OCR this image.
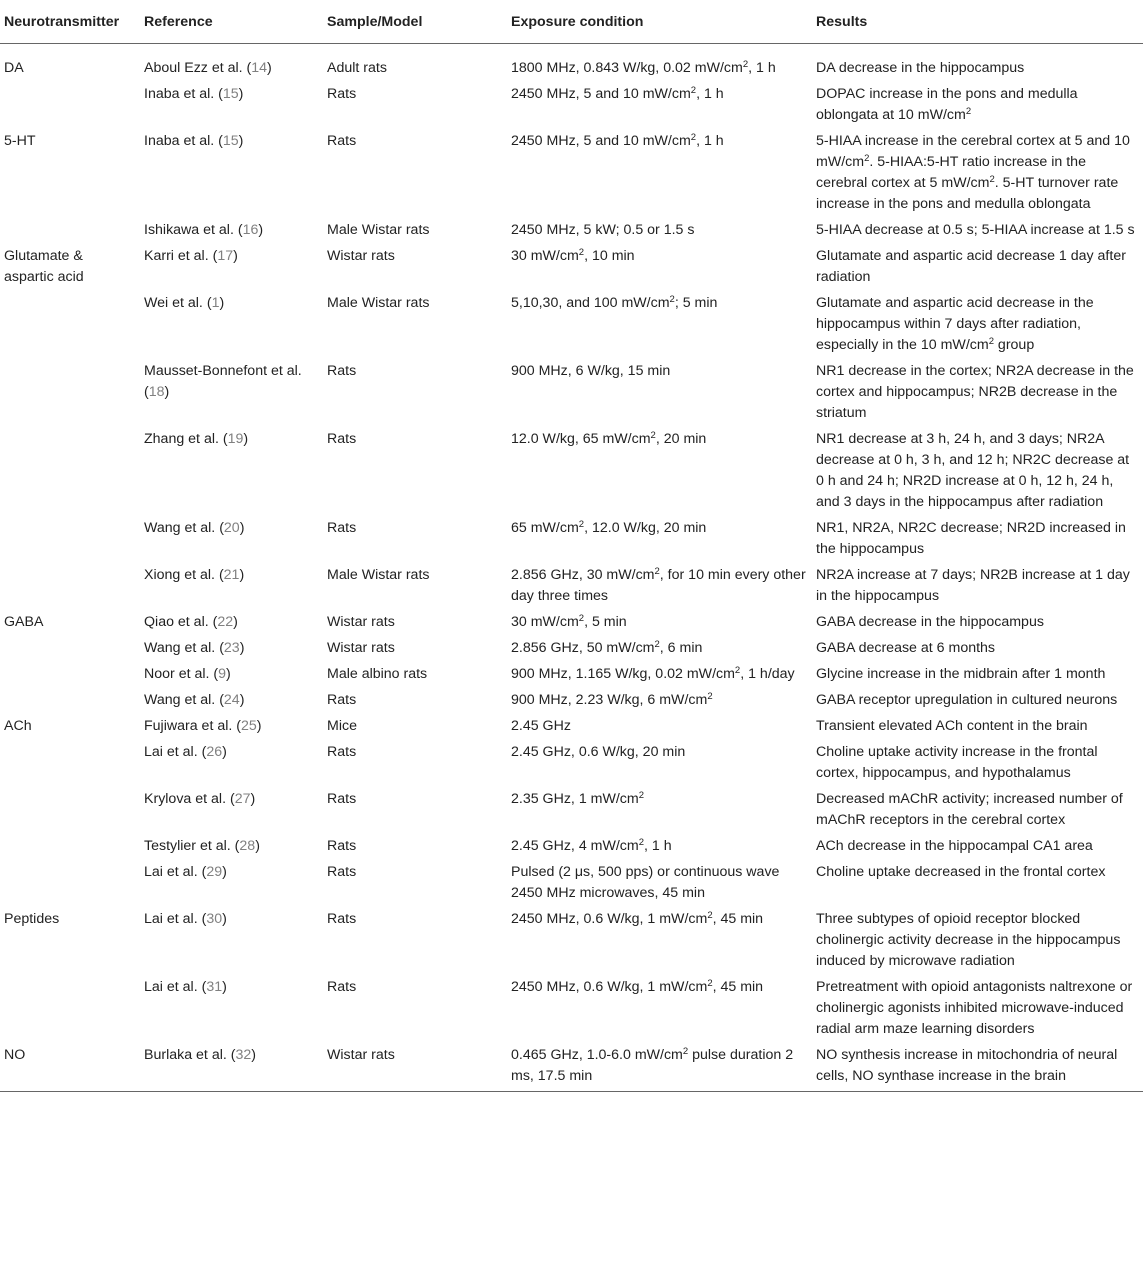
Neurotransmitter	Reference	Sample/Model	Exposure condition	Results
DA	Aboul Ezz et al. (14)	Adult rats	1800 MHz, 0.843 W/kg, 0.02 $mW/cm^2$, 1 h	DA decrease in the hippocampus
	Inaba et al. (15)	Rats	2450 MHz, 5 and 10 $mW/cm^2$, 1 h	DOPAC increase in the pons and medulla oblongata at 10 $mW/cm^2$
5-HT	Inaba et al. (15)	Rats	2450 MHz, 5 and 10 $mW/cm^2$, 1 h	5-HIAA increase in the cerebral cortex at 5 and 10 $mW/cm^2$. 5-HIAA:5-HT ratio increase in the cerebral cortex at 5 $mW/cm^2$. 5-HT turnover rate increase in the pons and medulla oblongata
	Ishikawa et al. (16)	Male Wistar rats	2450 MHz, 5 kW; 0.5 or 1.5 s	5-HIAA decrease at 0.5 s; 5-HIAA increase at 1.5 s
Glutamate & aspartic acid	Karri et al. (17)	Wistar rats	30 $mW/cm^2$, 10 min	Glutamate and aspartic acid decrease 1 day after radiation
	Wei et al. (1)	Male Wistar rats	5,10,30, and 100 $mW/cm^2$; 5 min	Glutamate and aspartic acid decrease in the hippocampus within 7 days after radiation, especially in the 10 $mW/cm^2$ group
	Mausset-Bonnefont et al. (18)	Rats	900 MHz, 6 W/kg, 15 min	NR1 decrease in the cortex; NR2A decrease in the cortex and hippocampus; NR2B decrease in the striatum
	Zhang et al. (19)	Rats	12.0 W/kg, 65 $mW/cm^2$, 20 min	NR1 decrease at 3 h, 24 h, and 3 days; NR2A decrease at 0 h, 3 h, and 12 h; NR2C decrease at 0 h and 24 h; NR2D increase at 0 h, 12 h, 24 h, and 3 days in the hippocampus after radiation
	Wang et al. (20)	Rats	65 $mW/cm^2$, 12.0 W/kg, 20 min	NR1, NR2A, NR2C decrease; NR2D increased in the hippocampus
	Xiong et al. (21)	Male Wistar rats	2.856 GHz, 30 $mW/cm^2$, for 10 min every other day three times	NR2A increase at 7 days; NR2B increase at 1 day in the hippocampus
GABA	Qiao et al. (22)	Wistar rats	30 $mW/cm^2$, 5 min	GABA decrease in the hippocampus
	Wang et al. (23)	Wistar rats	2.856 GHz, 50 $mW/cm^2$, 6 min	GABA decrease at 6 months
	Noor et al. (9)	Male albino rats	900 MHz, 1.165 W/kg, 0.02 $mW/cm^2$, 1 h/day	Glycine increase in the midbrain after 1 month
	Wang et al. (24)	Rats	900 MHz, 2.23 W/kg, 6 $mW/cm^2$	GABA receptor upregulation in cultured neurons
ACh	Fujiwara et al. (25)	Mice	2.45 GHz	Transient elevated ACh content in the brain
	Lai et al. (26)	Rats	2.45 GHz, 0.6 W/kg, 20 min	Choline uptake activity increase in the frontal cortex, hippocampus, and hypothalamus
	Krylova et al. (27)	Rats	2.35 GHz, 1 $mW/cm^2$	Decreased mAChR activity; increased number of mAChR receptors in the cerebral cortex
	Testylier et al. (28)	Rats	2.45 GHz, 4 $mW/cm^2$, 1 h	ACh decrease in the hippocampal CA1 area
	Lai et al. (29)	Rats	Pulsed (2 μs, 500 pps) or continuous wave 2450 MHz microwaves, 45 min	Choline uptake decreased in the frontal cortex
Peptides	Lai et al. (30)	Rats	2450 MHz, 0.6 W/kg, 1 $mW/cm^2$, 45 min	Three subtypes of opioid receptor blocked cholinergic activity decrease in the hippocampus induced by microwave radiation
	Lai et al. (31)	Rats	2450 MHz, 0.6 W/kg, 1 $mW/cm^2$, 45 min	Pretreatment with opioid antagonists naltrexone or cholinergic agonists inhibited microwave-induced radial arm maze learning disorders
NO	Burlaka et al. (32)	Wistar rats	0.465 GHz, 1.0-6.0 $mW/cm^2$ pulse duration 2 ms, 17.5 min	NO synthesis increase in mitochondria of neural cells, NO synthase increase in the brain
